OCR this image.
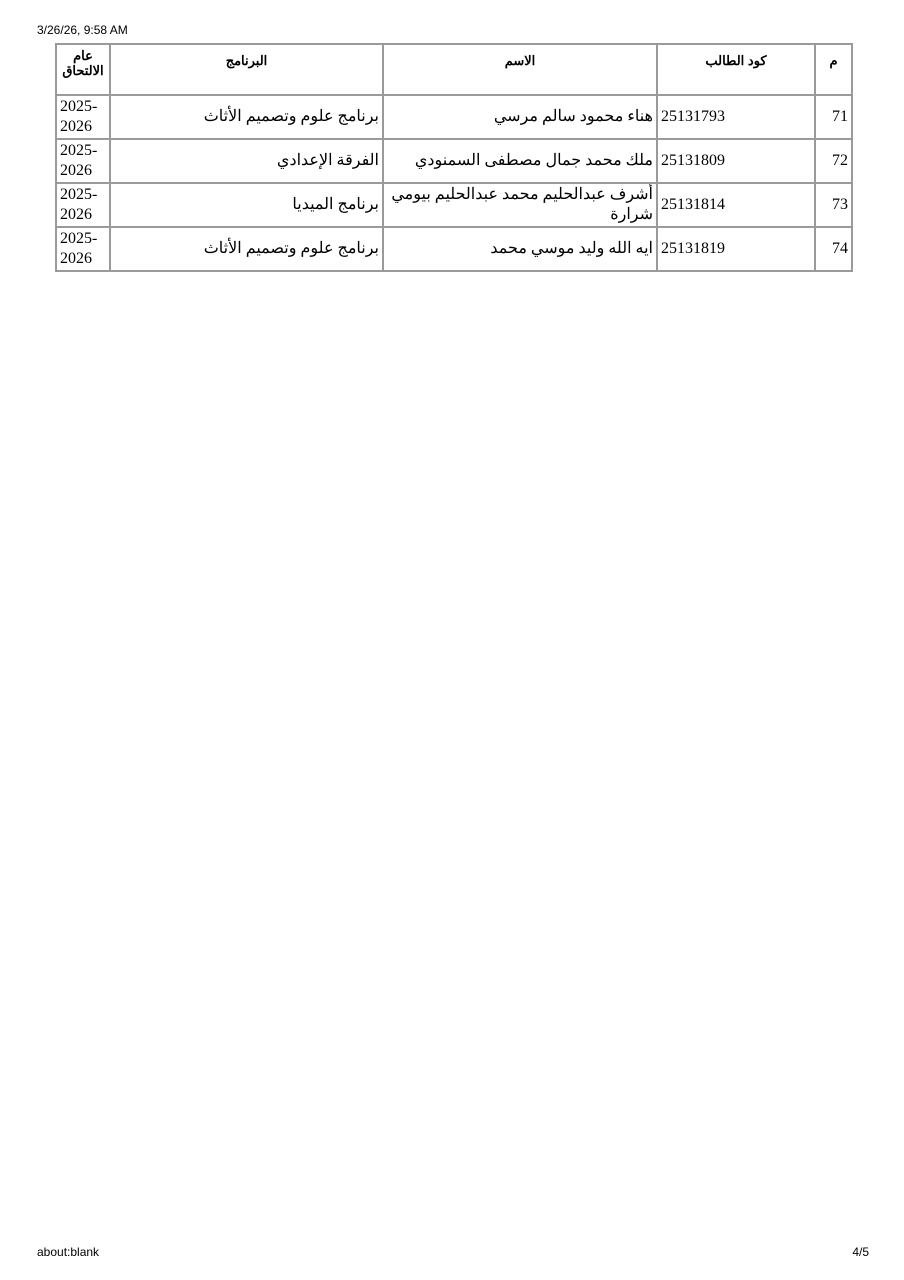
3/26/26, 9:58 AM
م	كود الطالب	الاسم	البرنامج	عام الالتحاق
71	25131793	هناء محمود سالم مرسي	برنامج علوم وتصميم الأثاث	2025-2026
72	25131809	ملك محمد جمال مصطفى السمنودي	الفرقة الإعدادي	2025-2026
73	25131814	أشرف عبدالحليم محمد عبدالحليم بيومي شرارة	برنامج الميديا	2025-2026
74	25131819	ايه الله وليد موسي محمد	برنامج علوم وتصميم الأثاث	2025-2026
about:blank	4/5
